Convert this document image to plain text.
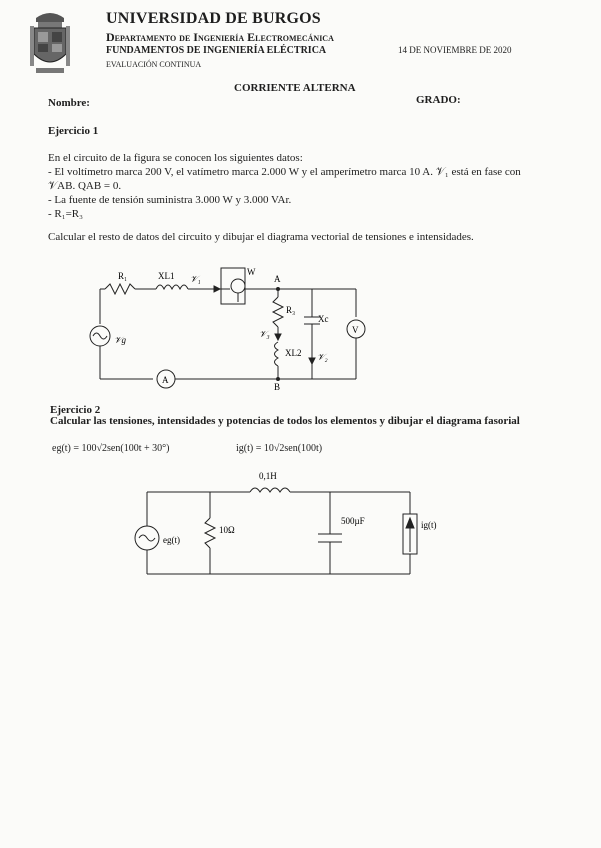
UNIVERSIDAD DE BURGOS
Departamento de Ingeniería Electromecánica
FUNDAMENTOS DE INGENIERÍA ELÉCTRICA	14 DE NOVIEMBRE DE 2020
EVALUACIÓN CONTINUA
CORRIENTE ALTERNA
Nombre:	GRADO:
Ejercicio 1
En el circuito de la figura se conocen los siguientes datos:
- El voltímetro marca 200 V, el vatímetro marca 2.000 W y el amperímetro marca 10 A. 𝒱₁ está en fase con
𝒱AB. QAB = 0.
- La fuente de tensión suministra 3.000 W y 3.000 VAr.
- R₁=R₃
Calcular el resto de datos del circuito y dibujar el diagrama vectorial de tensiones e intensidades.
R₁	XL1 𝒱₁
W
A
R₃
Xc
𝒱₃
XL2 𝒱₂
V
𝒱g
A
B
Ejercicio 2
Calcular las tensiones, intensidades y potencias de todos los elementos y dibujar el diagrama fasorial
eg(t) = 100√2sen(100t + 30°)	ig(t) = 10√2sen(100t)
0,1H
10Ω
500µF
eg(t)
ig(t)
